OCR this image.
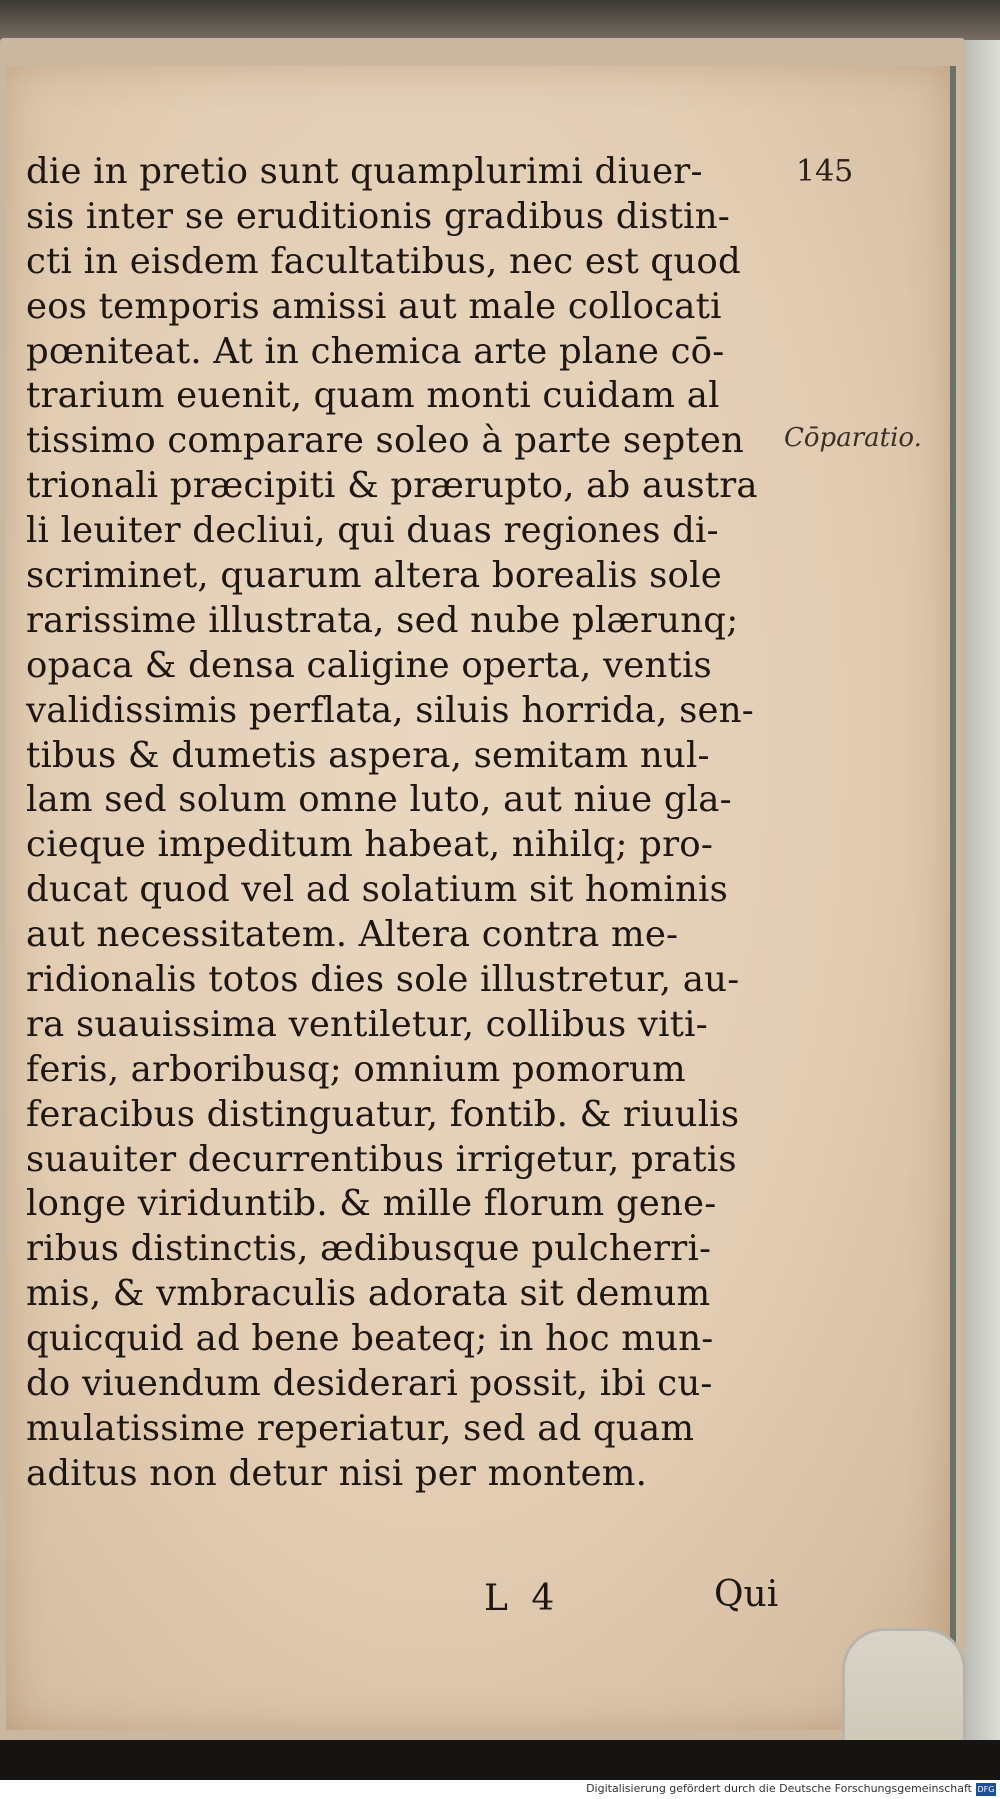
145
Cōparatio.
die in pretio sunt quamplurimi diuer-
sis inter se eruditionis gradibus distin-
cti in eisdem facultatibus, nec est quod
eos temporis amissi aut male collocati
pœniteat. At in chemica arte plane cō-
trarium euenit, quam monti cuidam al
tissimo comparare soleo à parte septen
trionali præcipiti & prærupto, ab austra
li leuiter decliui, qui duas regiones di-
scriminet, quarum altera borealis sole
rarissime illustrata, sed nube plærunq;
opaca & densa caligine operta, ventis
validissimis perflata, siluis horrida, sen-
tibus & dumetis aspera, semitam nul-
lam sed solum omne luto, aut niue gla-
cieque impeditum habeat, nihilq; pro-
ducat quod vel ad solatium sit hominis
aut necessitatem. Altera contra me-
ridionalis totos dies sole illustretur, au-
ra suauissima ventiletur, collibus viti-
feris, arboribusq; omnium pomorum
feracibus distinguatur, fontib. & riuulis
suauiter decurrentibus irrigetur, pratis
longe viriduntib. & mille florum gene-
ribus distinctis, ædibusque pulcherri-
mis, & vmbraculis adorata sit demum
quicquid ad bene beateq; in hoc mun-
do viuendum desiderari possit, ibi cu-
mulatissime reperiatur, sed ad quam
aditus non detur nisi per montem.
L 4	Qui
Digitalisierung gefördert durch die Deutsche Forschungsgemeinschaft DFG
